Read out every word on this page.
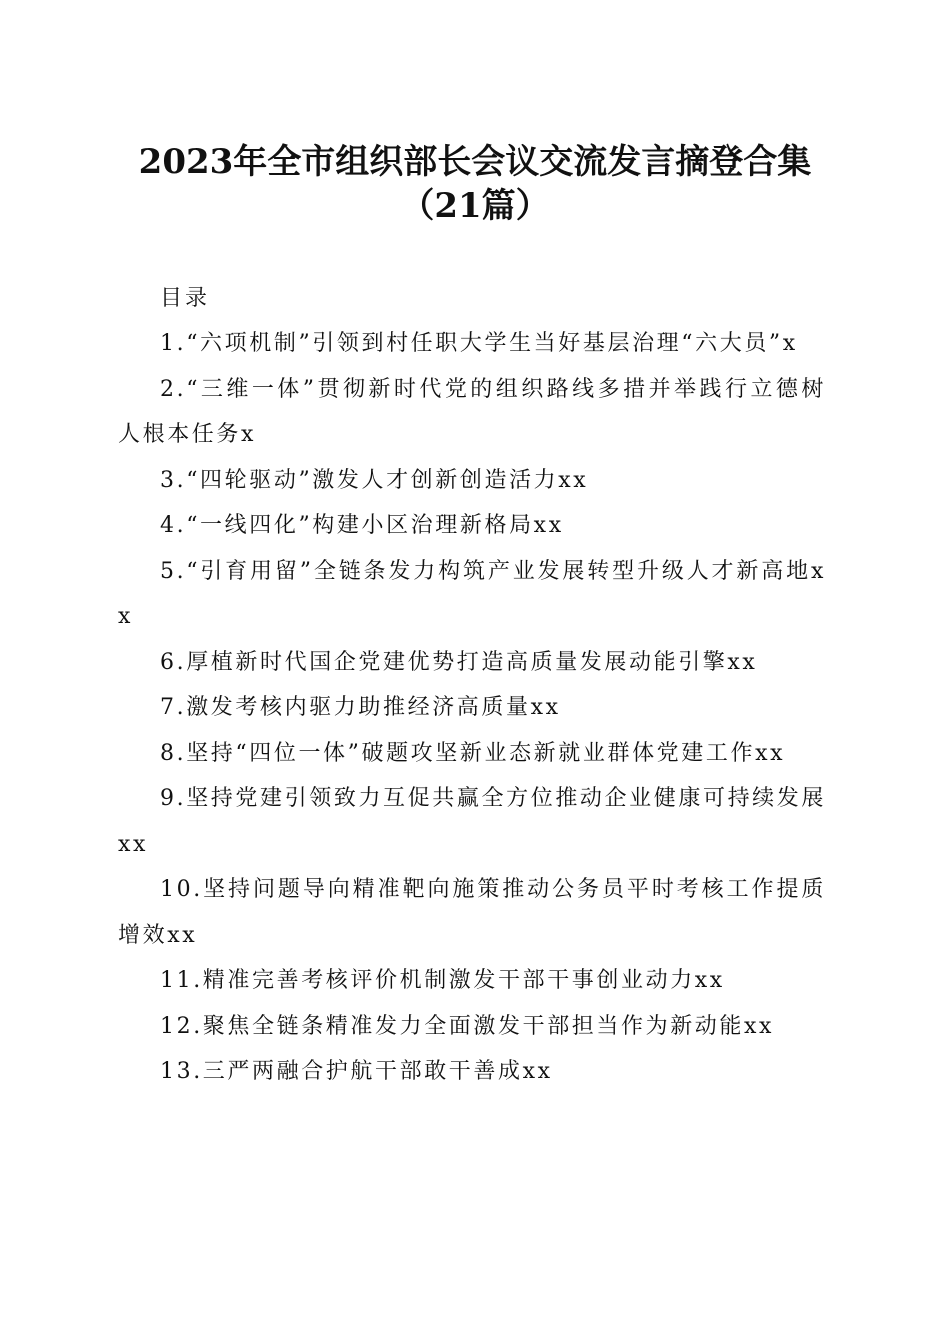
2023年全市组织部长会议交流发言摘登合集
（21篇）

目录

1.“六项机制”引领到村任职大学生当好基层治理“六大员”x
2.“三维一体”贯彻新时代党的组织路线多措并举践行立德树人根本任务x
3.“四轮驱动”激发人才创新创造活力xx
4.“一线四化”构建小区治理新格局xx
5.“引育用留”全链条发力构筑产业发展转型升级人才新高地xx
6.厚植新时代国企党建优势打造高质量发展动能引擎xx
7.激发考核内驱力助推经济高质量xx
8.坚持“四位一体”破题攻坚新业态新就业群体党建工作xx
9.坚持党建引领致力互促共赢全方位推动企业健康可持续发展xx
10.坚持问题导向精准靶向施策推动公务员平时考核工作提质增效xx
11.精准完善考核评价机制激发干部干事创业动力xx
12.聚焦全链条精准发力全面激发干部担当作为新动能xx
13.三严两融合护航干部敢干善成xx
